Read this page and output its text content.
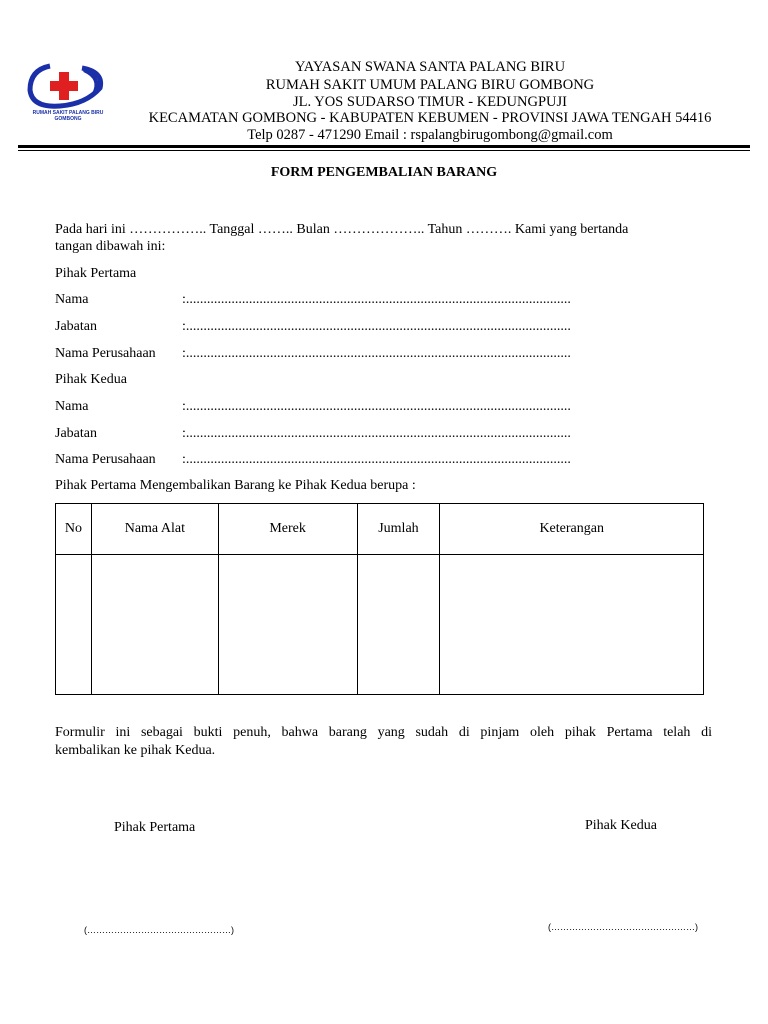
RUMAH SAKIT PALANG BIRU
GOMBONG
YAYASAN SWANA SANTA PALANG BIRU
RUMAH SAKIT UMUM PALANG BIRU GOMBONG
JL. YOS SUDARSO TIMUR - KEDUNGPUJI
KECAMATAN GOMBONG - KABUPATEN KEBUMEN - PROVINSI JAWA TENGAH 54416
Telp 0287 - 471290 Email : rspalangbirugombong@gmail.com
FORM PENGEMBALIAN BARANG
Pada hari ini …………….. Tanggal …….. Bulan ……………….. Tahun ………. Kami yang bertanda
tangan dibawah ini:
Pihak Pertama
Nama	:..............................................................................................................
Jabatan	:..............................................................................................................
Nama Perusahaan :..............................................................................................................
Pihak Kedua
Nama	:..............................................................................................................
Jabatan	:..............................................................................................................
Nama Perusahaan :..............................................................................................................
Pihak Pertama Mengembalikan Barang ke Pihak Kedua berupa :
No	Nama Alat	Merek	Jumlah	Keterangan

Formulir ini sebagai bukti penuh, bahwa barang yang sudah di pinjam oleh pihak Pertama telah di
kembalikan ke pihak Kedua.
Pihak Pertama	Pihak Kedua
(…………………………………………)	(…………………………………………)
